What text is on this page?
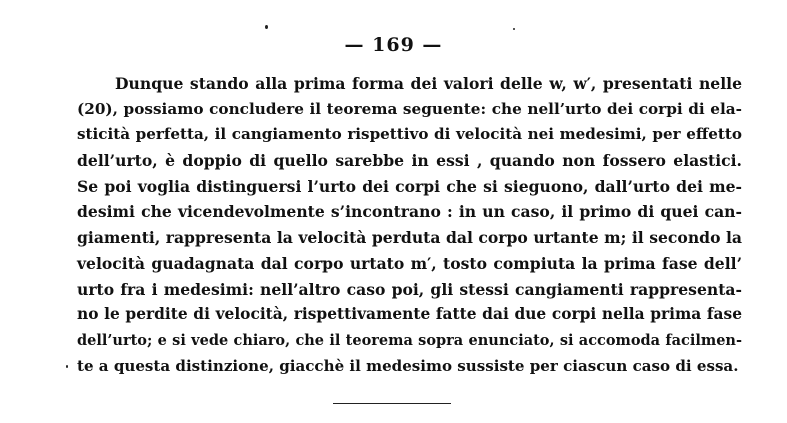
— 169 —
Dunque stando alla prima forma dei valori delle w, w′, presentati nelle
(20), possiamo concludere il teorema seguente: che nell’urto dei corpi di ela-
sticità perfetta, il cangiamento rispettivo di velocità nei medesimi, per effetto
dell’urto, è doppio di quello sarebbe in essi , quando non fossero elastici.
Se poi voglia distinguersi l’urto dei corpi che si sieguono, dall’urto dei me-
desimi che vicendevolmente s’incontrano : in un caso, il primo di quei can-
giamenti, rappresenta la velocità perduta dal corpo urtante m; il secondo la
velocità guadagnata dal corpo urtato m′, tosto compiuta la prima fase dell’
urto fra i medesimi: nell’altro caso poi, gli stessi cangiamenti rappresenta-
no le perdite di velocità, rispettivamente fatte dai due corpi nella prima fase
dell’urto; e si vede chiaro, che il teorema sopra enunciato, si accomoda facilmen-
te a questa distinzione, giacchè il medesimo sussiste per ciascun caso di essa.
